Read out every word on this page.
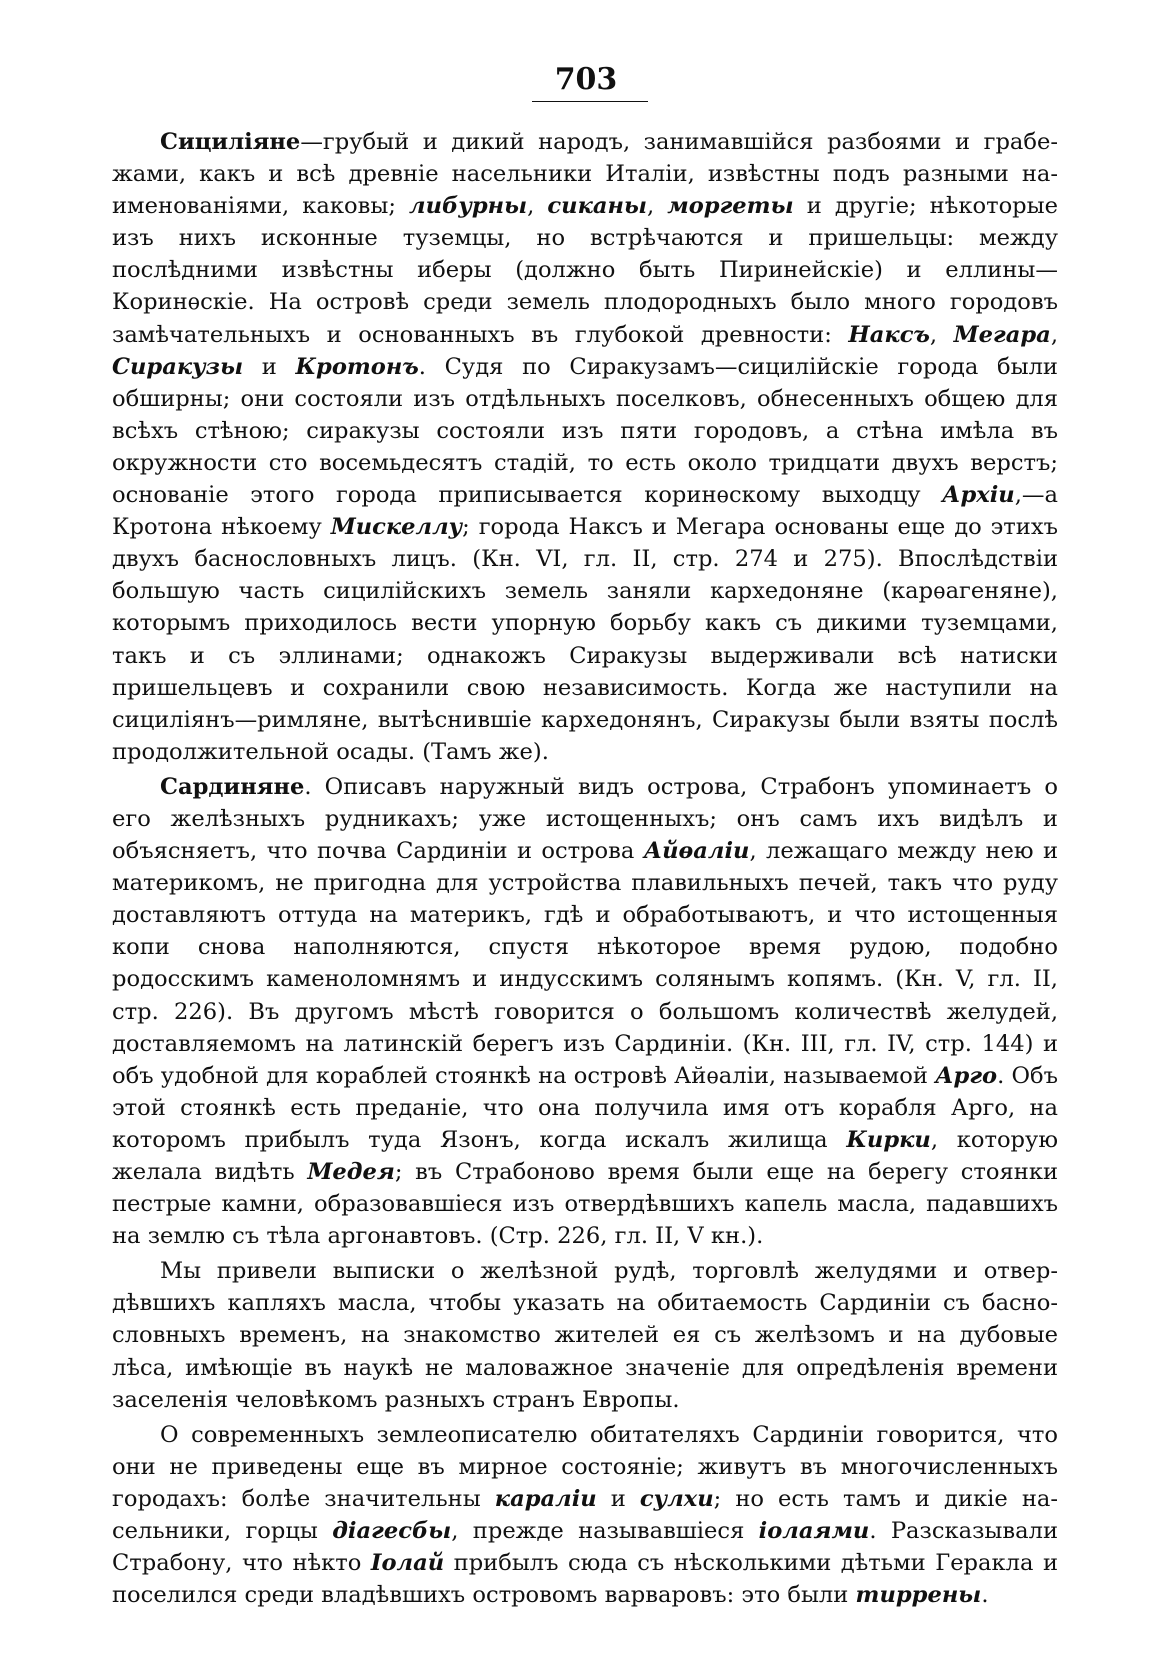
703

Сицилiяне—грубый и дикий народъ, занимавшiйся разбоями и грабежами, какъ и всѣ древнiе насельники Италiи, извѣстны подъ разными наименованiями, каковы; либурны, сиканы, моргеты и другiе; нѣкоторые изъ нихъ исконные туземцы, но встрѣчаются и пришельцы: между послѣдними извѣстны иберы (должно быть Пиринейскiе) и еллины—Коринѳскiе. На островѣ среди земель плодородныхъ было много городовъ замѣчательныхъ и основанныхъ въ глубокой древности: Наксъ, Мегара, Сиракузы и Кротонъ. Судя по Сиракузамъ—сицилiйскiе города были обширны; они состояли изъ отдѣльныхъ поселковъ, обнесенныхъ общею для всѣхъ стѣною; сиракузы состояли изъ пяти городовъ, а стѣна имѣла въ окружности сто восемьдесятъ стадiй, то есть около тридцати двухъ верстъ; основанiе этого города приписывается коринѳскому выходцу Архiи,—а Кротона нѣкоему Мискеллу; города Наксъ и Мегара основаны еще до этихъ двухъ баснословныхъ лицъ. (Кн. VI, гл. II, стр. 274 и 275). Впослѣдствiи большую часть сицилiйскихъ земель заняли кархедоняне (карѳагеняне), которымъ приходилось вести упорную борьбу какъ съ дикими туземцами, такъ и съ эллинами; однакожъ Сиракузы выдерживали всѣ натиски пришельцевъ и сохранили свою независимость. Когда же наступили на сицилiянъ—римляне, вытѣснившiе кархедонянъ, Сиракузы были взяты послѣ продолжительной осады. (Тамъ же).

Сардиняне. Описавъ наружный видъ острова, Страбонъ упоминаетъ о его желѣзныхъ рудникахъ; уже истощенныхъ; онъ самъ ихъ видѣлъ и объясняетъ, что почва Сардинiи и острова Айѳалiи, лежащаго между нею и материкомъ, не пригодна для устройства плавильныхъ печей, такъ что руду доставляютъ оттуда на материкъ, гдѣ и обработываютъ, и что истощенныя копи снова наполняются, спустя нѣкоторое время рудою, подобно родосскимъ каменоломнямъ и индусскимъ солянымъ копямъ. (Кн. V, гл. II, стр. 226). Въ другомъ мѣстѣ говорится о большомъ количествѣ желудей, доставляемомъ на латинскiй берегъ изъ Сардинiи. (Кн. III, гл. IV, стр. 144) и объ удобной для кораблей стоянкѣ на островѣ Айѳалiи, называемой Арго. Объ этой стоянкѣ есть преданiе, что она получила имя отъ корабля Арго, на которомъ прибылъ туда Язонъ, когда искалъ жилища Кирки, которую желала видѣть Медея; въ Страбоново время были еще на берегу стоянки пестрые камни, образовавшiеся изъ отвердѣвшихъ капель масла, падавшихъ на землю съ тѣла аргонавтовъ. (Стр. 226, гл. II, V кн.).

Мы привели выписки о желѣзной рудѣ, торговлѣ желудями и отвердѣвшихъ капляхъ масла, чтобы указать на обитаемость Сардинiи съ баснословныхъ временъ, на знакомство жителей ея съ желѣзомъ и на дубовые лѣса, имѣющiе въ наукѣ не маловажное значенiе для опредѣленiя времени заселенiя человѣкомъ разныхъ странъ Европы.

О современныхъ землеописателю обитателяхъ Сардинiи говорится, что они не приведены еще въ мирное состоянiе; живутъ въ многочисленныхъ городахъ: болѣе значительны каралiи и сулхи; но есть тамъ и дикiе насельники, горцы дiагесбы, прежде называвшiеся iолаями. Разсказывали Страбону, что нѣкто Iолай прибылъ сюда съ нѣсколькими дѣтьми Геракла и поселился среди владѣвшихъ островомъ варваровъ: это были тиррены.
